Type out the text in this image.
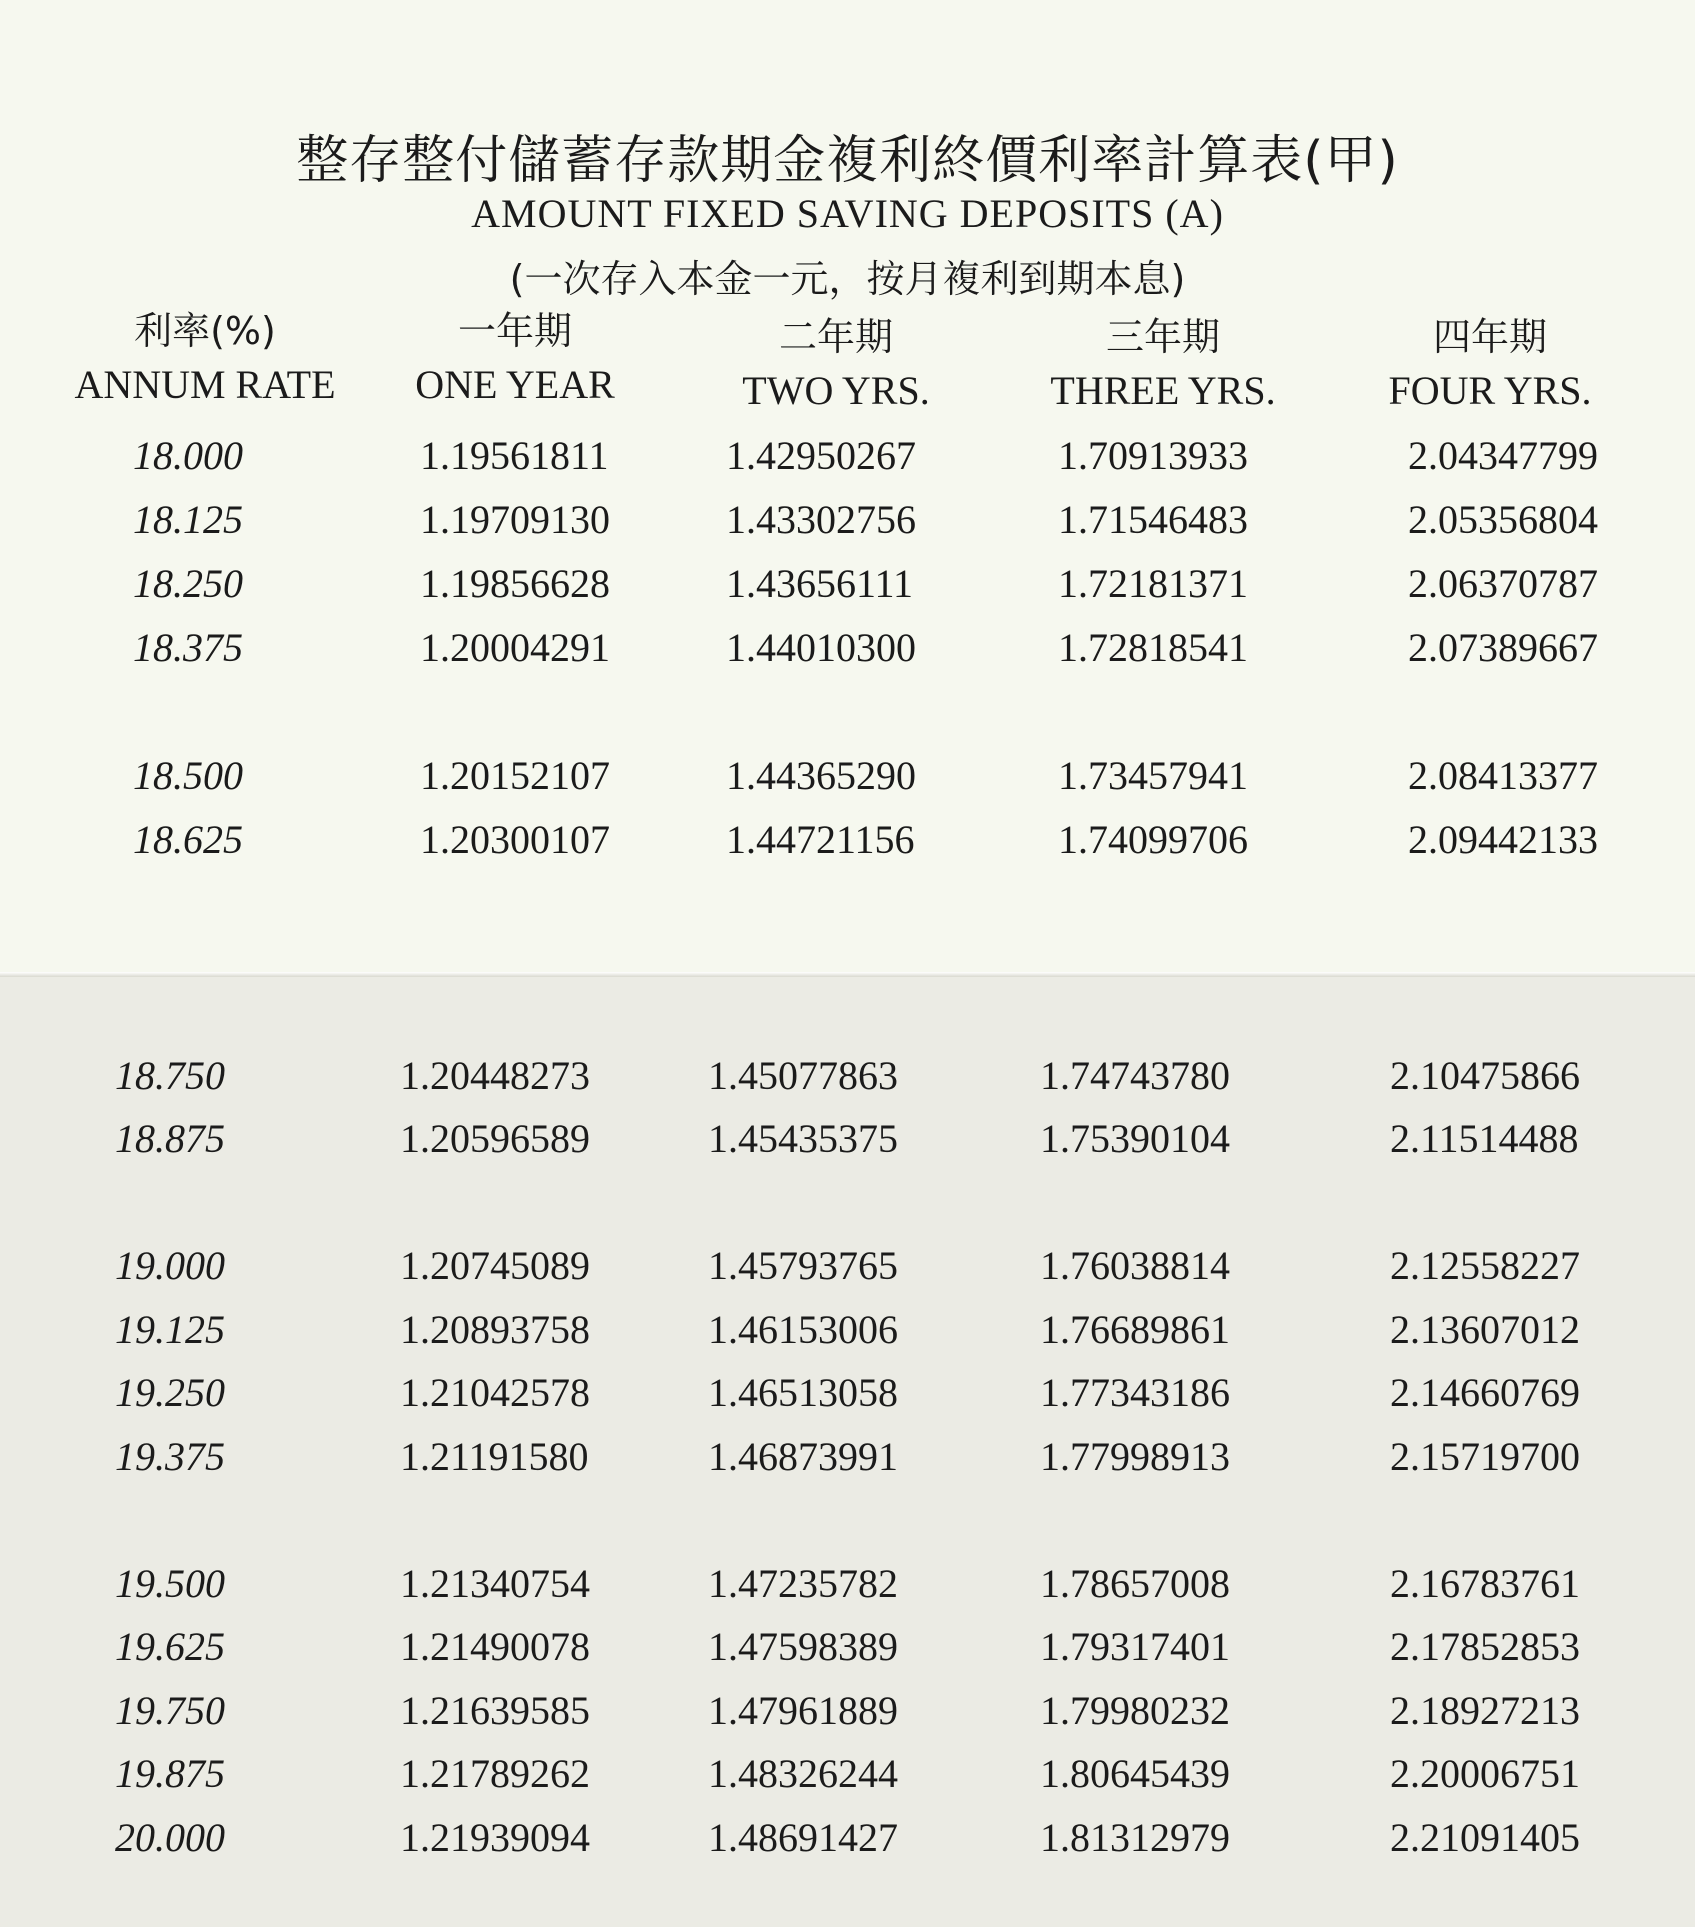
整存整付儲蓄存款期金複利終價利率計算表(甲)
AMOUNT FIXED SAVING DEPOSITS (A)
(一次存入本金一元，按月複利到期本息)
利率(%)
ANNUM RATE
一年期
ONE YEAR
二年期
TWO YRS.
三年期
THREE YRS.
四年期
FOUR YRS.
18.000	1.19561811	1.42950267	1.70913933	2.04347799
18.125	1.19709130	1.43302756	1.71546483	2.05356804
18.250	1.19856628	1.43656111	1.72181371	2.06370787
18.375	1.20004291	1.44010300	1.72818541	2.07389667
18.500	1.20152107	1.44365290	1.73457941	2.08413377
18.625	1.20300107	1.44721156	1.74099706	2.09442133
18.750	1.20448273	1.45077863	1.74743780	2.10475866
18.875	1.20596589	1.45435375	1.75390104	2.11514488
19.000	1.20745089	1.45793765	1.76038814	2.12558227
19.125	1.20893758	1.46153006	1.76689861	2.13607012
19.250	1.21042578	1.46513058	1.77343186	2.14660769
19.375	1.21191580	1.46873991	1.77998913	2.15719700
19.500	1.21340754	1.47235782	1.78657008	2.16783761
19.625	1.21490078	1.47598389	1.79317401	2.17852853
19.750	1.21639585	1.47961889	1.79980232	2.18927213
19.875	1.21789262	1.48326244	1.80645439	2.20006751
20.000	1.21939094	1.48691427	1.81312979	2.21091405
